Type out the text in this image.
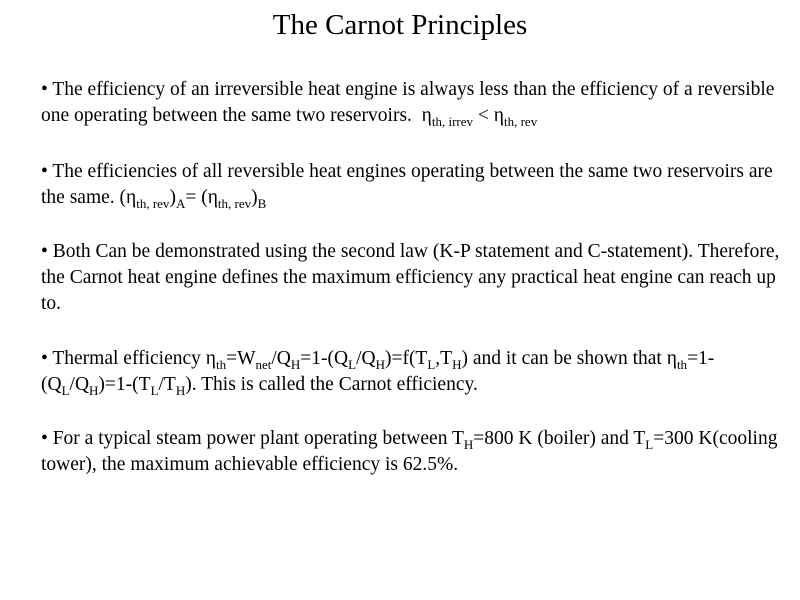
The Carnot Principles
• The efficiency of an irreversible heat engine is always less than the efficiency of a reversible one operating between the same two reservoirs. $\eta_{th, irrev} < \eta_{th, rev}$
• The efficiencies of all reversible heat engines operating between the same two reservoirs are the same. $(\eta_{th, rev})_A= (\eta_{th, rev})_B$
• Both Can be demonstrated using the second law (K-P statement and C-statement). Therefore, the Carnot heat engine defines the maximum efficiency any practical heat engine can reach up to.
• Thermal efficiency $\eta_{th}=W_{net}/Q_H=1-(Q_L/Q_H)=f(T_L,T_H)$ and it can be shown that $\eta_{th}=1-(Q_L/Q_H)=1-(T_L/T_H)$. This is called the Carnot efficiency.
• For a typical steam power plant operating between $T_H=800$ K (boiler) and $T_L=300$ K(cooling tower), the maximum achievable efficiency is 62.5%.
